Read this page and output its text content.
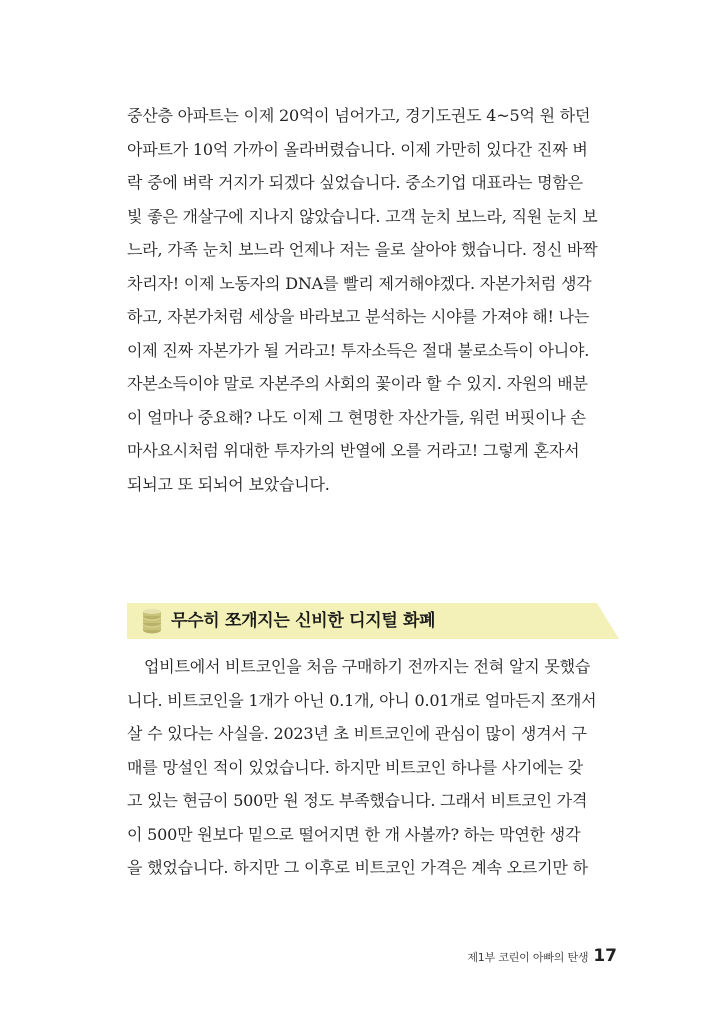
중산층 아파트는 이제 20억이 넘어가고, 경기도권도 4~5억 원 하던
아파트가 10억 가까이 올라버렸습니다. 이제 가만히 있다간 진짜 벼
락 중에 벼락 거지가 되겠다 싶었습니다. 중소기업 대표라는 명함은
빛 좋은 개살구에 지나지 않았습니다. 고객 눈치 보느라, 직원 눈치 보
느라, 가족 눈치 보느라 언제나 저는 을로 살아야 했습니다. 정신 바짝
차리자! 이제 노동자의 DNA를 빨리 제거해야겠다. 자본가처럼 생각
하고, 자본가처럼 세상을 바라보고 분석하는 시야를 가져야 해! 나는
이제 진짜 자본가가 될 거라고! 투자소득은 절대 불로소득이 아니야.
자본소득이야 말로 자본주의 사회의 꽃이라 할 수 있지. 자원의 배분
이 얼마나 중요해? 나도 이제 그 현명한 자산가들, 워런 버핏이나 손
마사요시처럼 위대한 투자가의 반열에 오를 거라고! 그렇게 혼자서
되뇌고 또 되뇌어 보았습니다.
무수히 쪼개지는 신비한 디지털 화폐
업비트에서 비트코인을 처음 구매하기 전까지는 전혀 알지 못했습
니다. 비트코인을 1개가 아닌 0.1개, 아니 0.01개로 얼마든지 쪼개서
살 수 있다는 사실을. 2023년 초 비트코인에 관심이 많이 생겨서 구
매를 망설인 적이 있었습니다. 하지만 비트코인 하나를 사기에는 갖
고 있는 현금이 500만 원 정도 부족했습니다. 그래서 비트코인 가격
이 500만 원보다 밑으로 떨어지면 한 개 사볼까? 하는 막연한 생각
을 했었습니다. 하지만 그 이후로 비트코인 가격은 계속 오르기만 하
제1부 코린이 아빠의 탄생 17
